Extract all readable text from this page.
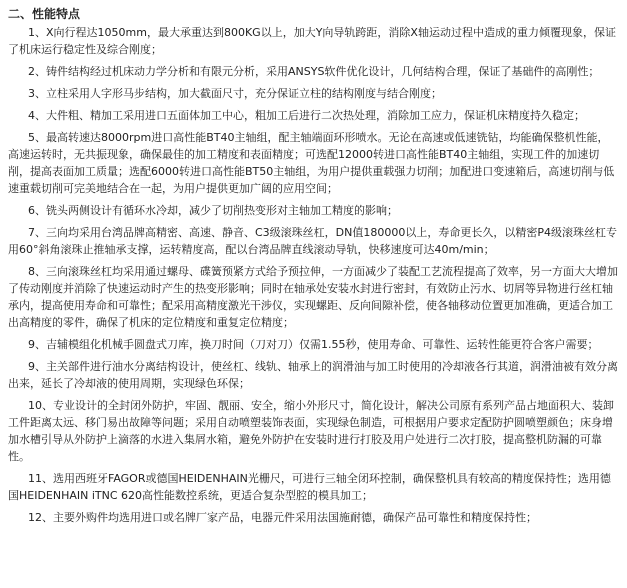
二、性能特点
1、X向行程达1050mm，最大承重达到800KG以上，加大Y向导轨跨距，消除X轴运动过程中造成的重力倾覆现象，保证了机床运行稳定性及综合刚度；
2、铸件结构经过机床动力学分析和有限元分析，采用ANSYS软件优化设计，几何结构合理，保证了基础件的高刚性；
3、立柱采用人字形马步结构，加大截面尺寸，充分保证立柱的结构刚度与结合刚度；
4、大件粗、精加工采用进口五面体加工中心，粗加工后进行二次热处理，消除加工应力，保证机床精度持久稳定；
5、最高转速达8000rpm进口高性能BT40主轴组，配主轴端面环形喷水。无论在高速或低速铣钻，均能确保整机性能，高速运转时，无共振现象，确保最佳的加工精度和表面精度；可选配12000转进口高性能BT40主轴组，实现工件的加速切削，提高表面加工质量；选配6000转进口高性能BT50主轴组，为用户提供重载强力切削；加配进口变速箱后，高速切削与低速重载切削可完美地结合在一起，为用户提供更加广阔的应用空间；
6、铣头两侧设计有循环水冷却，减少了切削热变形对主轴加工精度的影响；
7、三向均采用台湾品牌高精密、高速、静音、C3级滚珠丝杠，DN值180000以上，寿命更长久，以精密P4级滚珠丝杠专用60°斜角滚珠止推轴承支撑，运转精度高，配以台湾品牌直线滚动导轨，快移速度可达40m/min；
8、三向滚珠丝杠均采用通过螺母、碟簧预紧方式给予预拉伸，一方面减少了装配工艺流程提高了效率，另一方面大大增加了传动刚度并消除了快速运动时产生的热变形影响；同时在轴承处安装水封进行密封，有效防止污水、切屑等异物进行丝杠轴承内，提高使用寿命和可靠性；配采用高精度激光干涉仪，实现螺距、反向间隙补偿，使各轴移动位置更加准确，更适合加工出高精度的零件，确保了机床的定位精度和重复定位精度；
9、吉辅模组化机械手圆盘式刀库，换刀时间（刀对刀）仅需1.55秒，使用寿命、可靠性、运转性能更符合客户需要；
9、主关部件进行油水分离结构设计，使丝杠、线轨、轴承上的润滑油与加工时使用的冷却液各行其道，润滑油被有效分离出来，延长了冷却液的使用周期，实现绿色环保；
10、专业设计的全封闭外防护，牢固、靓丽、安全，缩小外形尺寸，简化设计，解决公司原有系列产品占地面积大、装卸工件距离太远、移门易出故障等问题；采用自动喷塑装饰表面，实现绿色制造，可根据用户要求定配防护圆喷塑颜色；床身增加水槽引导从外防护上滴落的水进入集屑水箱，避免外防护在安装时进行打胶及用户处进行二次打胶，提高整机防漏的可靠性。
11、选用西班牙FAGOR或德国HEIDENHAIN光栅尺，可进行三轴全闭环控制，确保整机具有较高的精度保持性；选用德国HEIDENHAIN iTNC 620高性能数控系统，更适合复杂型腔的模具加工；
12、主要外购件均选用进口或名牌厂家产品，电器元件采用法国施耐德，确保产品可靠性和精度保持性；
